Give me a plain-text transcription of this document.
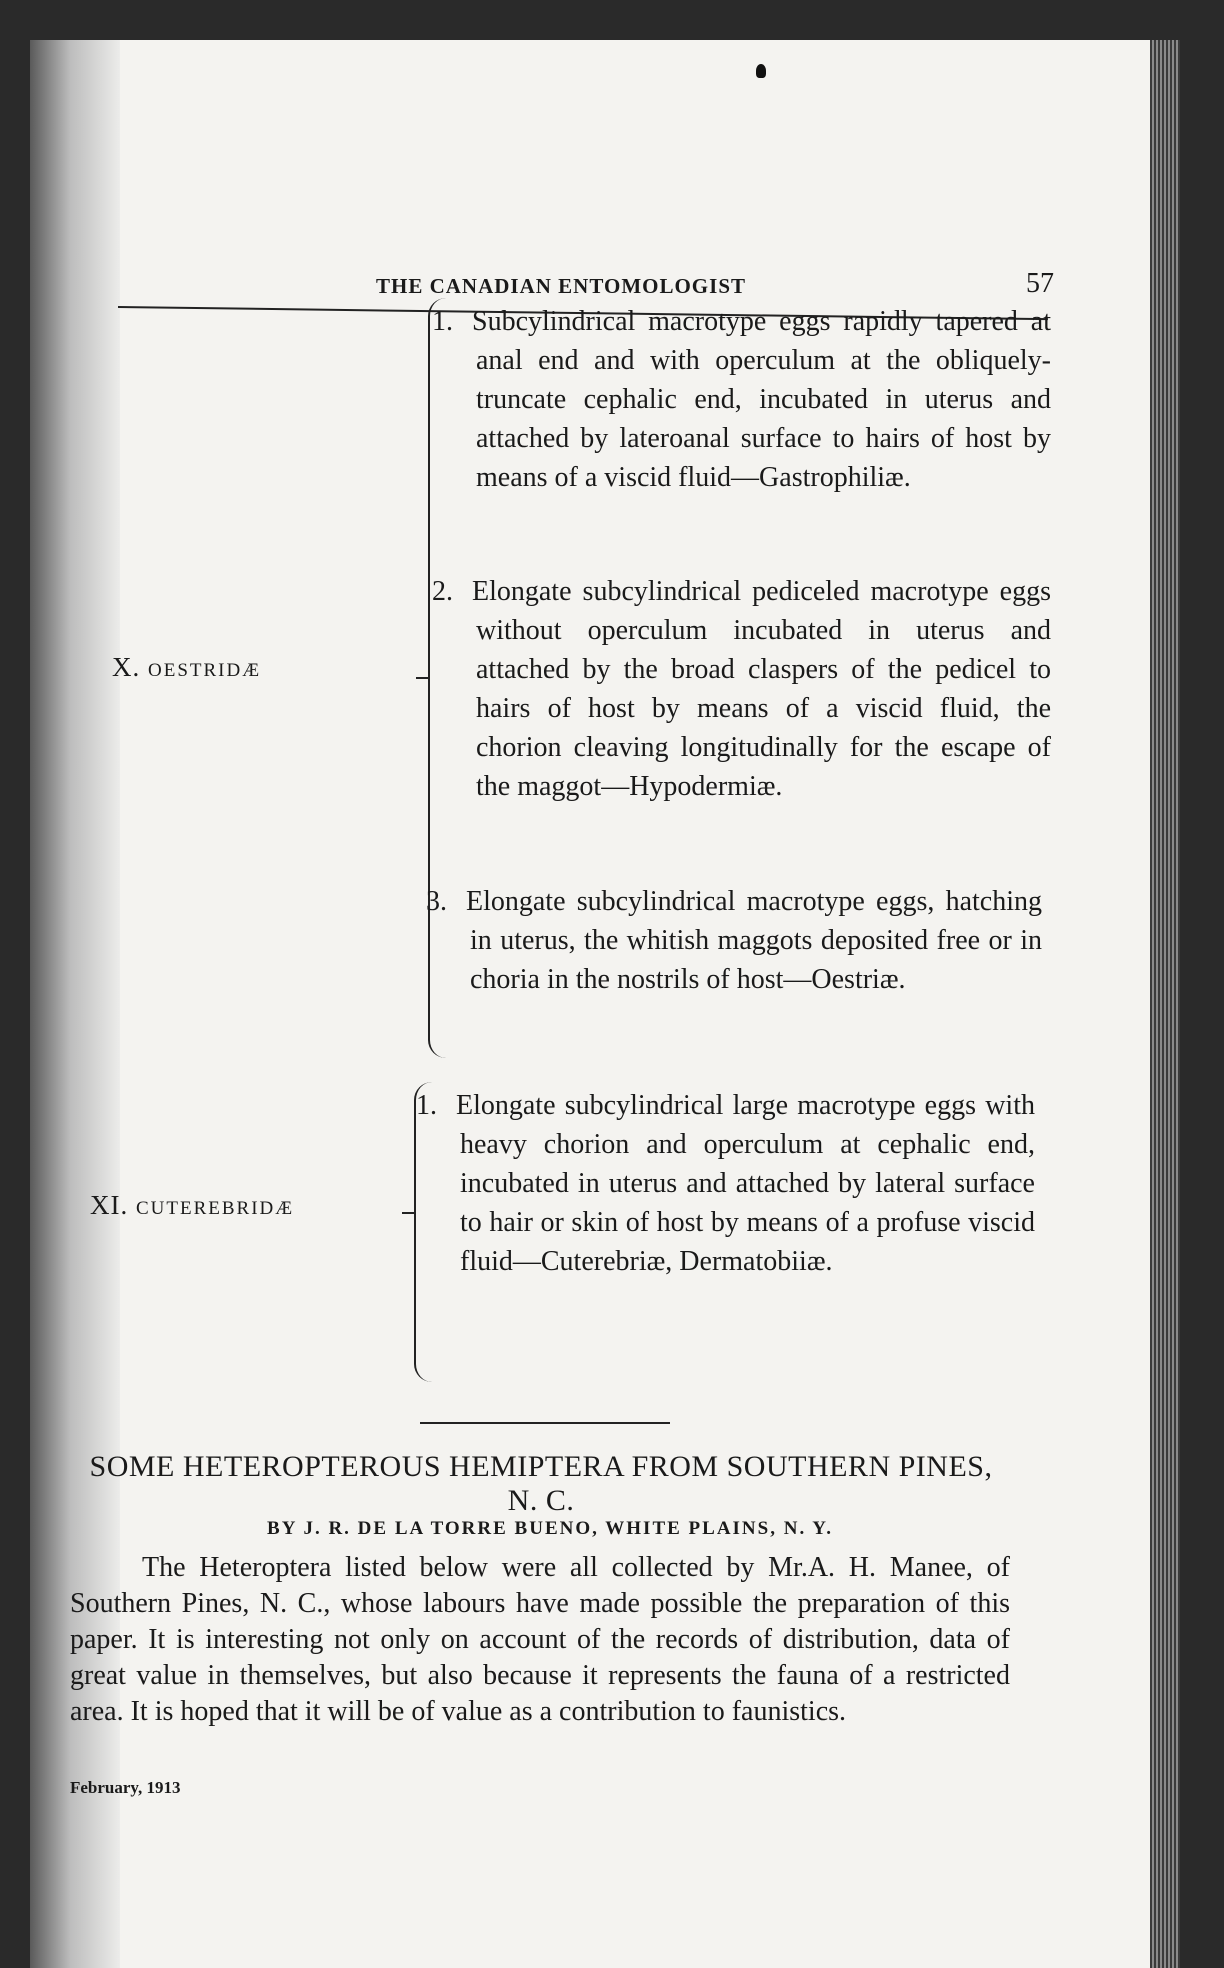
THE CANADIAN ENTOMOLOGIST	57
X. OESTRIDÆ
1. Subcylindrical macrotype eggs rapidly tapered at anal end and with operculum at the obliquely-truncate cephalic end, incubated in uterus and attached by lateroanal surface to hairs of host by means of a viscid fluid—Gastrophiliæ.
2. Elongate subcylindrical pediceled macrotype eggs without operculum incubated in uterus and attached by the broad claspers of the pedicel to hairs of host by means of a viscid fluid, the chorion cleaving longitudinally for the escape of the maggot—Hypodermiæ.
3. Elongate subcylindrical macrotype eggs, hatching in uterus, the whitish maggots deposited free or in choria in the nostrils of host—Oestriæ.
XI. CUTEREBRIDÆ
1. Elongate subcylindrical large macrotype eggs with heavy chorion and operculum at cephalic end, incubated in uterus and attached by lateral surface to hair or skin of host by means of a profuse viscid fluid—Cuterebriæ, Dermatobiiæ.
SOME HETEROPTEROUS HEMIPTERA FROM SOUTHERN PINES, N. C.
BY J. R. DE LA TORRE BUENO, WHITE PLAINS, N. Y.
The Heteroptera listed below were all collected by Mr.A. H. Manee, of Southern Pines, N. C., whose labours have made possible the preparation of this paper. It is interesting not only on account of the records of distribution, data of great value in themselves, but also because it represents the fauna of a restricted area. It is hoped that it will be of value as a contribution to faunistics.
February, 1913
